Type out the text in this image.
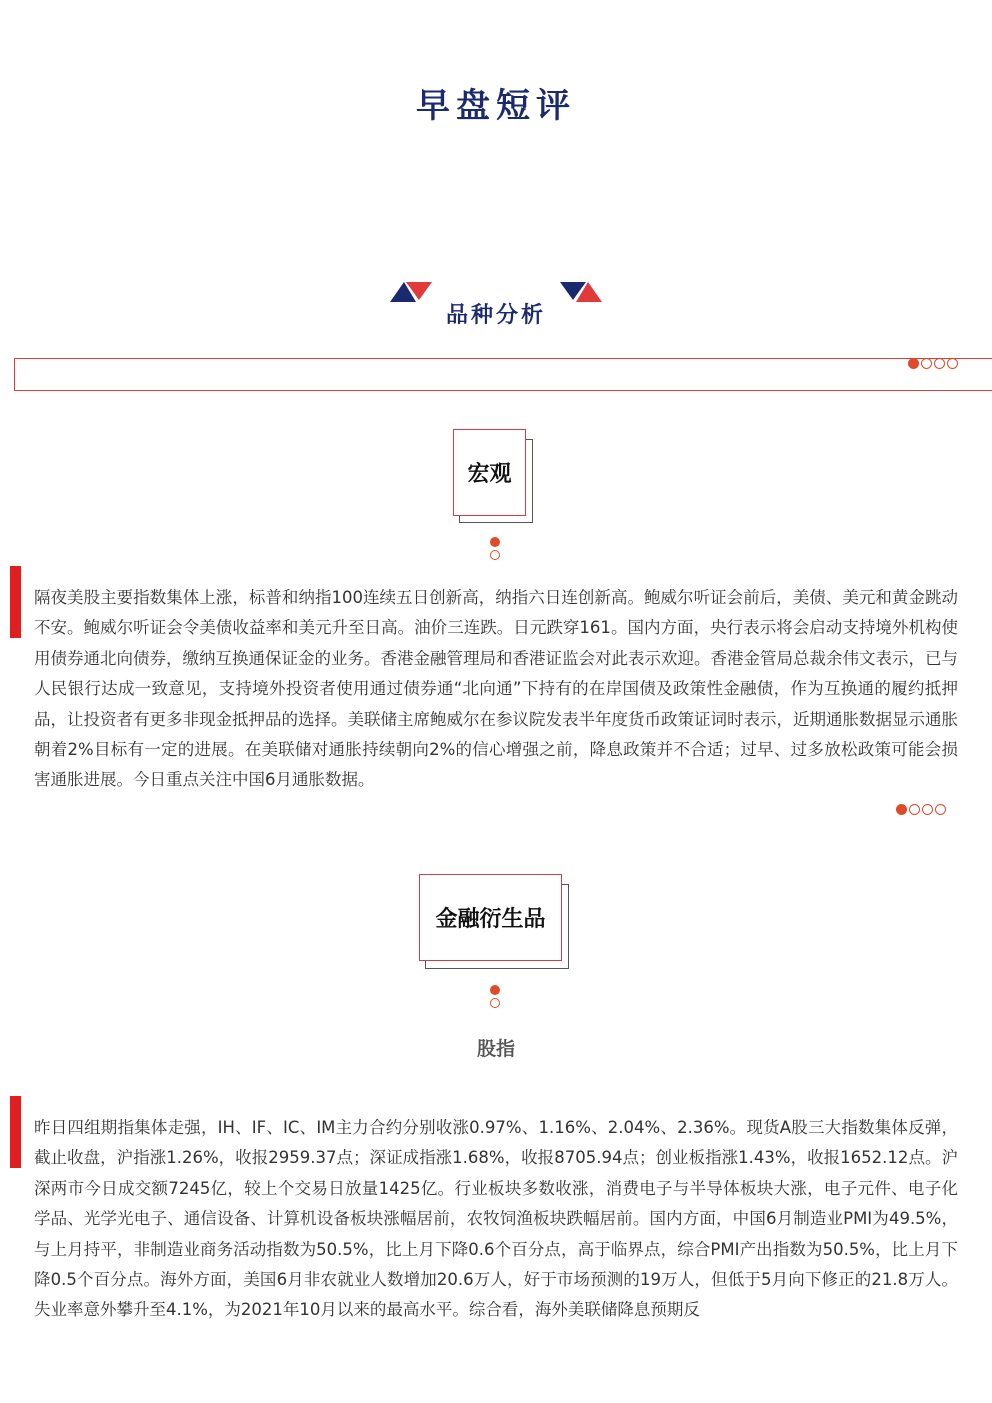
早盘短评
品种分析
宏观
隔夜美股主要指数集体上涨，标普和纳指100连续五日创新高，纳指六日连创新高。鲍威尔听证会前后，美债、美元和黄金跳动不安。鲍威尔听证会令美债收益率和美元升至日高。油价三连跌。日元跌穿161。国内方面，央行表示将会启动支持境外机构使用债券通北向债券，缴纳互换通保证金的业务。香港金融管理局和香港证监会对此表示欢迎。香港金管局总裁余伟文表示，已与人民银行达成一致意见，支持境外投资者使用通过债券通“北向通”下持有的在岸国债及政策性金融债，作为互换通的履约抵押品，让投资者有更多非现金抵押品的选择。美联储主席鲍威尔在参议院发表半年度货币政策证词时表示，近期通胀数据显示通胀朝着2%目标有一定的进展。在美联储对通胀持续朝向2%的信心增强之前，降息政策并不合适；过早、过多放松政策可能会损害通胀进展。今日重点关注中国6月通胀数据。
金融衍生品
股指
昨日四组期指集体走强，IH、IF、IC、IM主力合约分别收涨0.97%、1.16%、2.04%、2.36%。现货A股三大指数集体反弹，截止收盘，沪指涨1.26%，收报2959.37点；深证成指涨1.68%，收报8705.94点；创业板指涨1.43%，收报1652.12点。沪深两市今日成交额7245亿，较上个交易日放量1425亿。行业板块多数收涨，消费电子与半导体板块大涨，电子元件、电子化学品、光学光电子、通信设备、计算机设备板块涨幅居前，农牧饲渔板块跌幅居前。国内方面，中国6月制造业PMI为49.5%，与上月持平，非制造业商务活动指数为50.5%，比上月下降0.6个百分点，高于临界点，综合PMI产出指数为50.5%，比上月下降0.5个百分点。海外方面，美国6月非农就业人数增加20.6万人，好于市场预测的19万人，但低于5月向下修正的21.8万人。失业率意外攀升至4.1%，为2021年10月以来的最高水平。综合看，海外美联储降息预期反
